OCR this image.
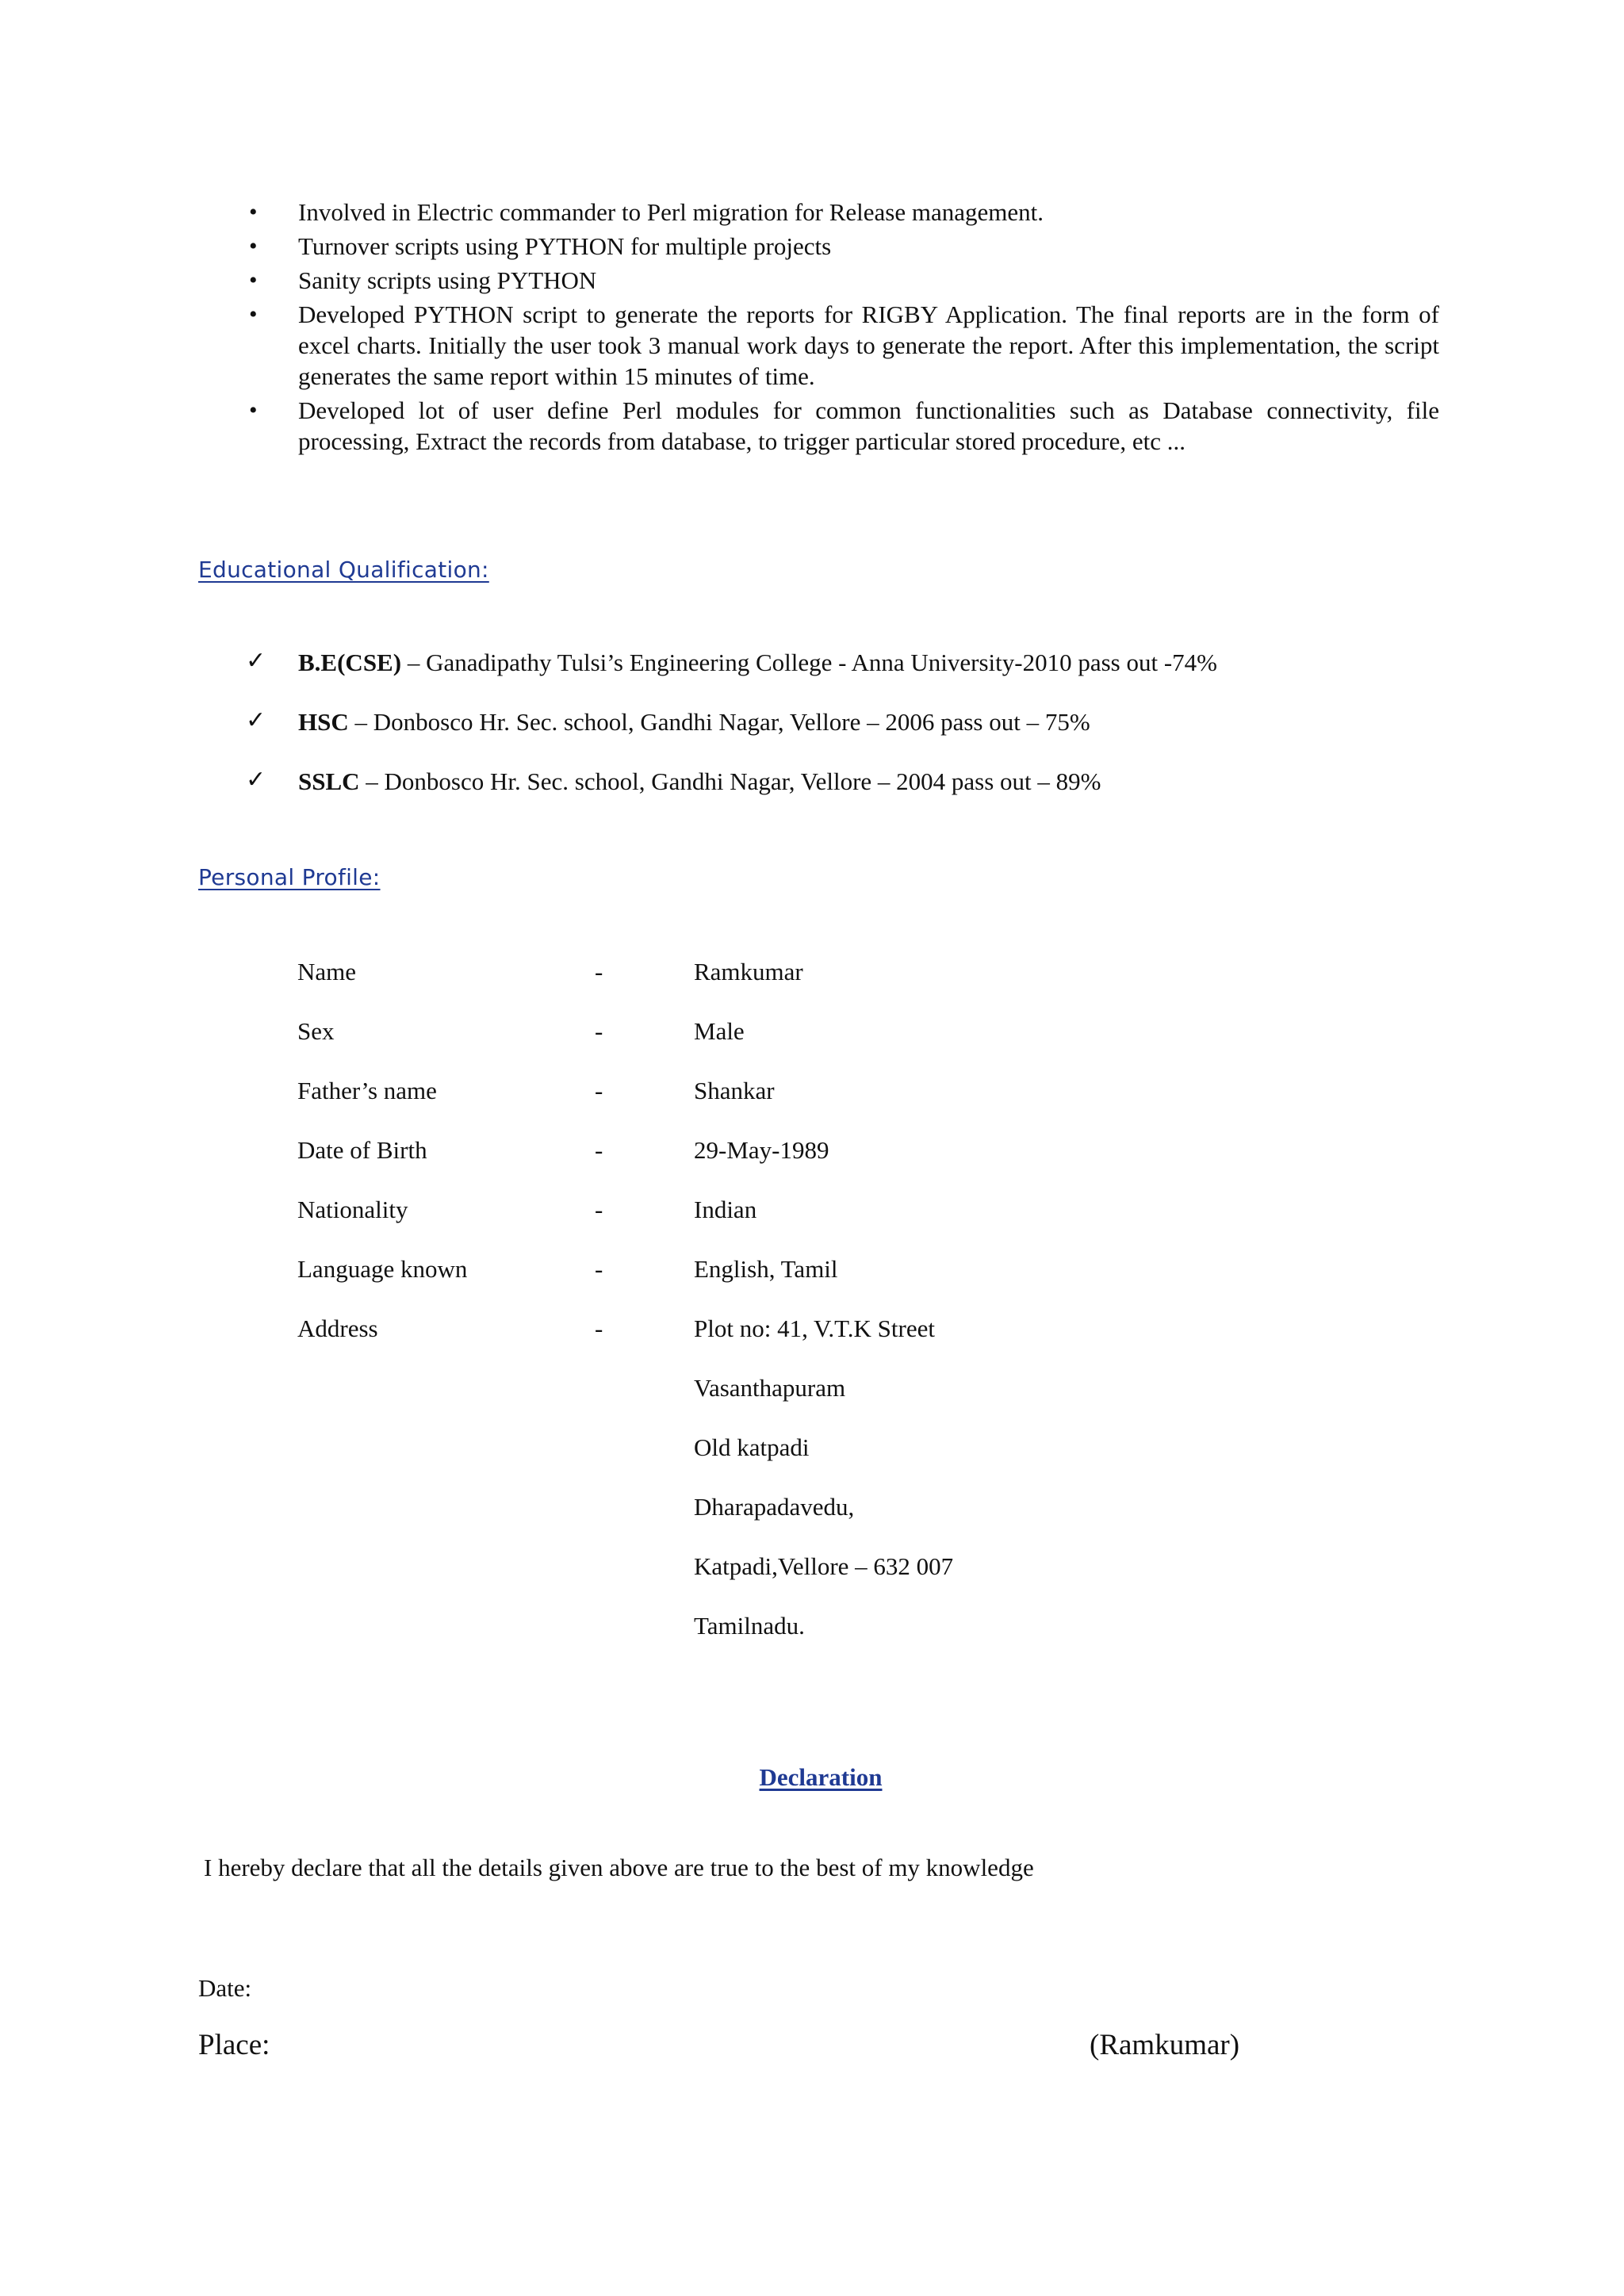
• Involved in Electric commander to Perl migration for Release management.
• Turnover scripts using PYTHON for multiple projects
• Sanity scripts using PYTHON
• Developed PYTHON script to generate the reports for RIGBY Application. The final reports are in the form of excel charts. Initially the user took 3 manual work days to generate the report. After this implementation, the script generates the same report within 15 minutes of time.
• Developed lot of user define Perl modules for common functionalities such as Database connectivity, file processing, Extract the records from database, to trigger particular stored procedure, etc ...
Educational Qualification:
✓ B.E(CSE) – Ganadipathy Tulsi’s Engineering College - Anna University-2010 pass out -74%
✓ HSC – Donbosco Hr. Sec. school, Gandhi Nagar, Vellore – 2006 pass out – 75%
✓ SSLC – Donbosco Hr. Sec. school, Gandhi Nagar, Vellore – 2004 pass out – 89%
Personal Profile:
Name	-	Ramkumar
Sex	-	Male
Father’s name	-	Shankar
Date of Birth	-	29-May-1989
Nationality	-	Indian
Language known	-	English, Tamil
Address	-	Plot no: 41, V.T.K Street
Vasanthapuram
Old katpadi
Dharapadavedu,
Katpadi,Vellore – 632 007
Tamilnadu.
Declaration
I hereby declare that all the details given above are true to the best of my knowledge
Date:
Place:	(Ramkumar)
